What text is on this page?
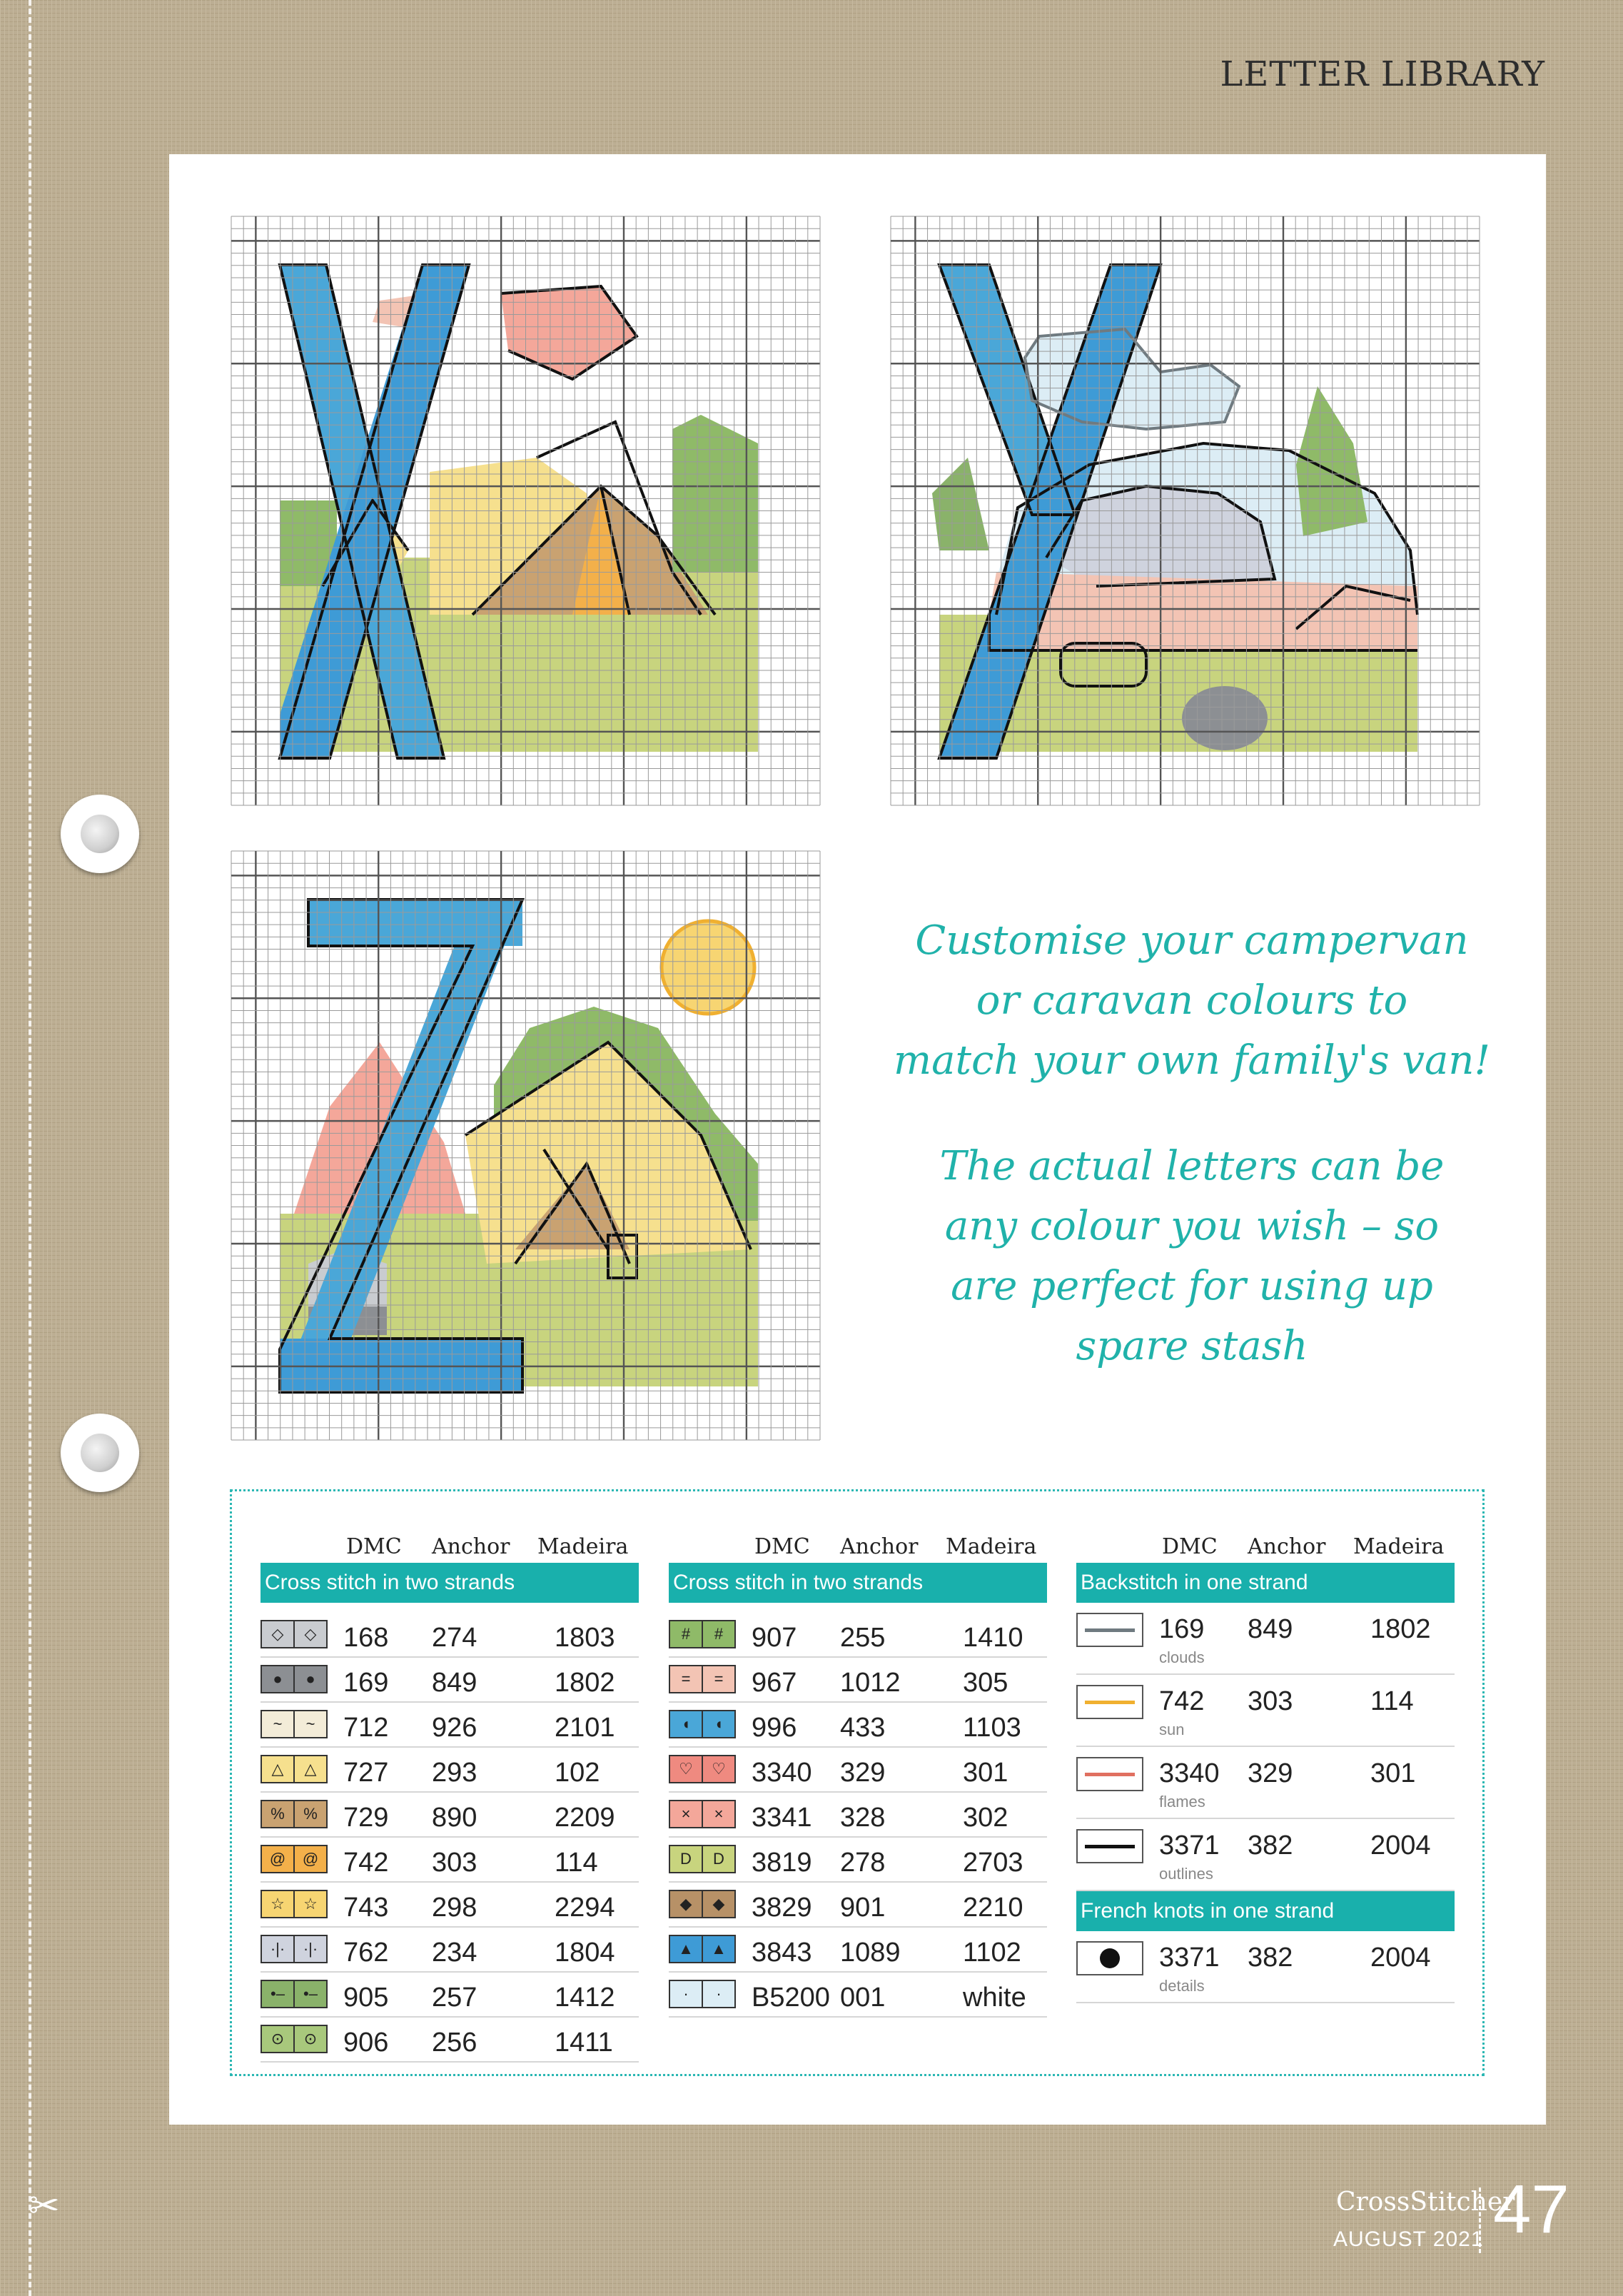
LETTER LIBRARY
Customise your campervan
or caravan colours to
match your own family's van!
The actual letters can be
any colour you wish – so
are perfect for using up
spare stash
DMC Anchor Madeira
Cross stitch in two strands
◇	◇ 168 274	1803
●	●	169 849	1802
~	~	712 926	2101
△	△ 727 293	102
%	% 729 890	2209
@	@ 742 303	114
☆	☆ 743 298	2294
·|·	·|· 762 234	1804
•–	•– 905 257	1412
⊙	⊙ 906 256	1411
DMC Anchor Madeira
Cross stitch in two strands
#	#	907 255	1410
=	=	967 1012 305
◖	◖	996 433	1103
♡	♡ 3340 329	301
×	×	3341 328	302
D	D	3819 278	2703
◆	◆ 3829 901	2210
▲	▲ 3843 1089 1102
·	·	B5200 001	white
DMC Anchor Madeira
Backstitch in one strand
169 849	1802
clouds
742 303	114
sun
3340 329	301
flames
3371 382	2004
outlines
French knots in one strand
3371 382	2004
details
✂	CrossStitcher
AUGUST 2021 47
